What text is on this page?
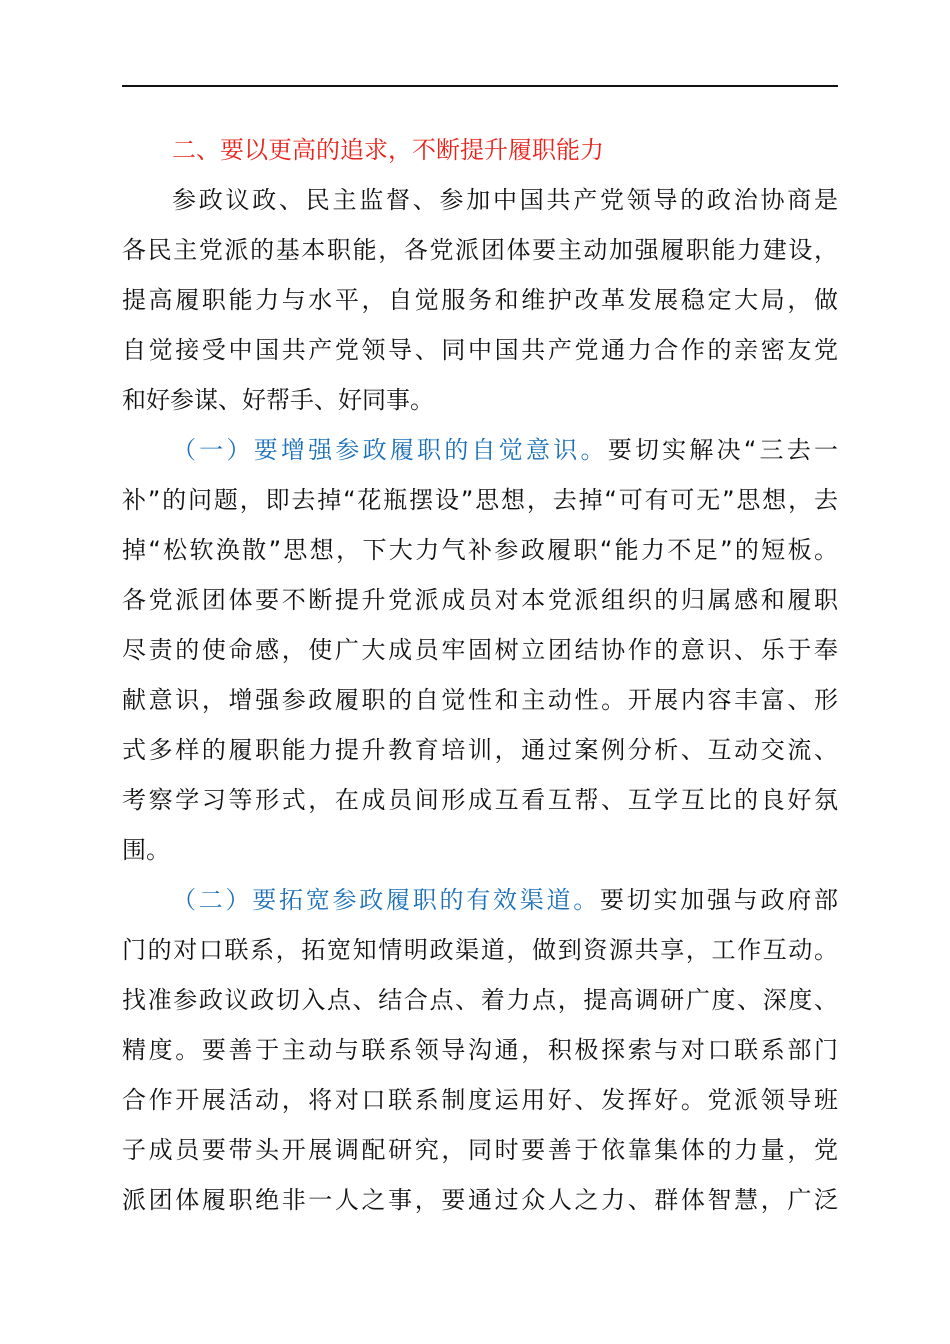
二、要以更高的追求，不断提升履职能力
参政议政、民主监督、参加中国共产党领导的政治协商是
各民主党派的基本职能，各党派团体要主动加强履职能力建设，
提高履职能力与水平，自觉服务和维护改革发展稳定大局，做
自觉接受中国共产党领导、同中国共产党通力合作的亲密友党
和好参谋、好帮手、好同事。
（一）要增强参政履职的自觉意识。要切实解决“三去一
补”的问题，即去掉“花瓶摆设”思想，去掉“可有可无”思想，去
掉“松软涣散”思想，下大力气补参政履职“能力不足”的短板。
各党派团体要不断提升党派成员对本党派组织的归属感和履职
尽责的使命感，使广大成员牢固树立团结协作的意识、乐于奉
献意识，增强参政履职的自觉性和主动性。开展内容丰富、形
式多样的履职能力提升教育培训，通过案例分析、互动交流、
考察学习等形式，在成员间形成互看互帮、互学互比的良好氛
围。
（二）要拓宽参政履职的有效渠道。要切实加强与政府部
门的对口联系，拓宽知情明政渠道，做到资源共享，工作互动。
找准参政议政切入点、结合点、着力点，提高调研广度、深度、
精度。要善于主动与联系领导沟通，积极探索与对口联系部门
合作开展活动，将对口联系制度运用好、发挥好。党派领导班
子成员要带头开展调配研究，同时要善于依靠集体的力量，党
派团体履职绝非一人之事，要通过众人之力、群体智慧，广泛
